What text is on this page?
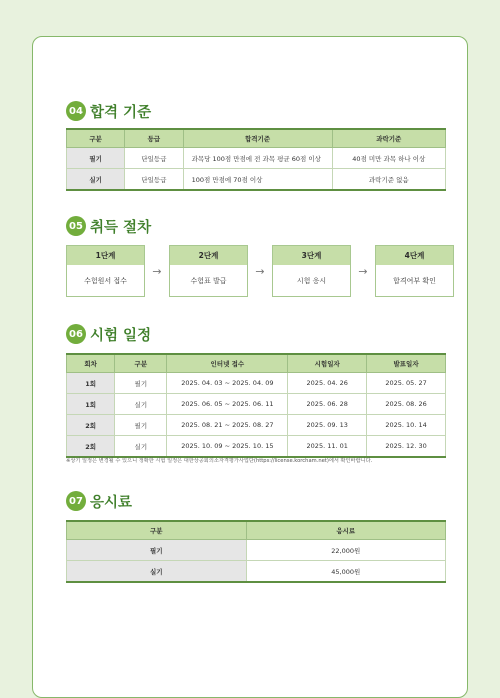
04 합격 기준
구분	등급	합격기준	과락기준
필기	단일등급	과목당 100점 만점에 전 과목 평균 60점 이상	40점 미만 과목 하나 이상
실기	단일등급	100점 만점에 70점 이상	과락기준 없음
05 취득 절차
1단계
수험원서 접수
→
2단계
수험표 발급
→
3단계
시험 응시
→
4단계
합격여부 확인
06 시험 일정
회차	구분	인터넷 접수	시험일자	발표일자
1회	필기	2025. 04. 03 ~ 2025. 04. 09	2025. 04. 26	2025. 05. 27
1회	실기	2025. 06. 05 ~ 2025. 06. 11	2025. 06. 28	2025. 08. 26
2회	필기	2025. 08. 21 ~ 2025. 08. 27	2025. 09. 13	2025. 10. 14
2회	실기	2025. 10. 09 ~ 2025. 10. 15	2025. 11. 01	2025. 12. 30
※상기 일정은 변경될 수 있으니 정확한 시험 일정은 대한상공회의소자격평가사업단(https://license.korcham.net)에서 확인바랍니다.
07 응시료
구분	응시료
필기	22,000원
실기	45,000원
